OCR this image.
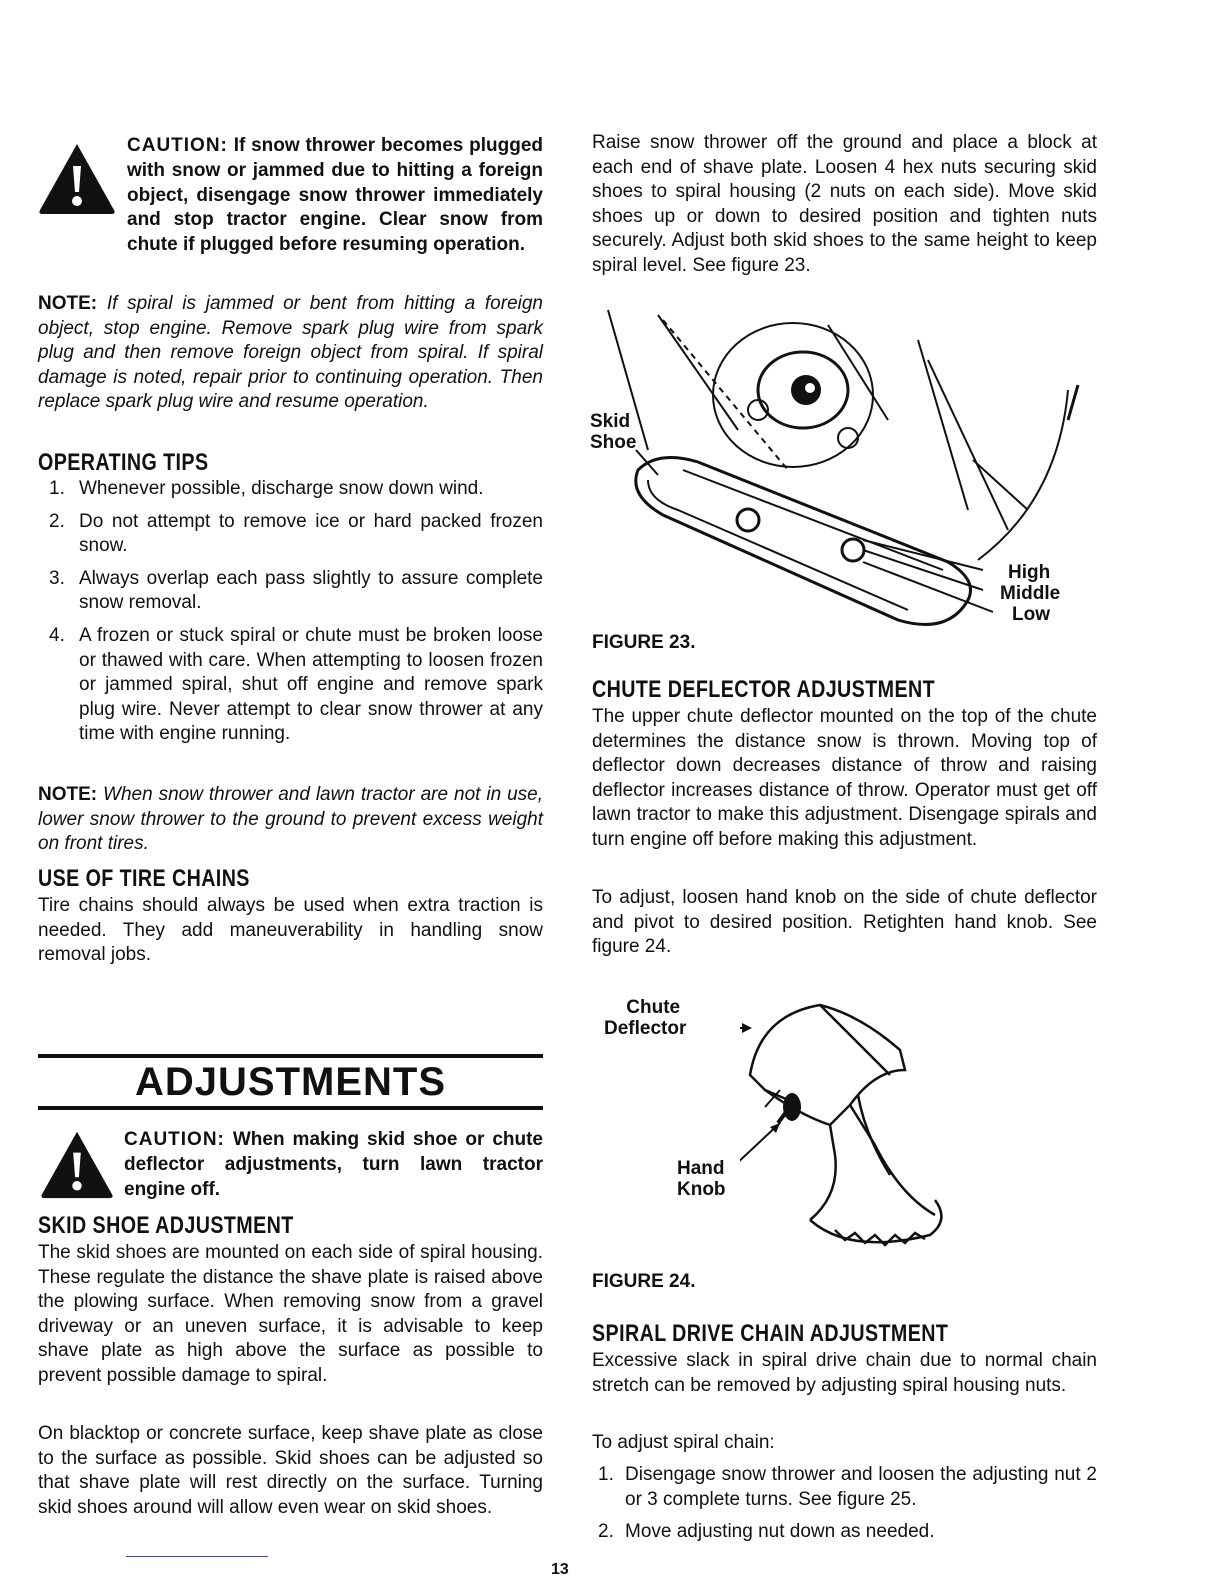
CAUTION: If snow thrower becomes plugged with snow or jammed due to hitting a foreign object, disengage snow thrower immediately and stop tractor engine. Clear snow from chute if plugged before resuming operation.

NOTE: If spiral is jammed or bent from hitting a foreign object, stop engine. Remove spark plug wire from spark plug and then remove foreign object from spiral. If spiral damage is noted, repair prior to continuing operation. Then replace spark plug wire and resume operation.

OPERATING TIPS
1. Whenever possible, discharge snow down wind.
2. Do not attempt to remove ice or hard packed frozen snow.
3. Always overlap each pass slightly to assure complete snow removal.
4. A frozen or stuck spiral or chute must be broken loose or thawed with care. When attempting to loosen frozen or jammed spiral, shut off engine and remove spark plug wire. Never attempt to clear snow thrower at any time with engine running.

NOTE: When snow thrower and lawn tractor are not in use, lower snow thrower to the ground to prevent excess weight on front tires.

USE OF TIRE CHAINS

Tire chains should always be used when extra traction is needed. They add maneuverability in handling snow removal jobs.

ADJUSTMENTS
CAUTION: When making skid shoe or chute deflector adjustments, turn lawn tractor engine off.
SKID SHOE ADJUSTMENT

The skid shoes are mounted on each side of spiral housing. These regulate the distance the shave plate is raised above the plowing surface. When removing snow from a gravel driveway or an uneven surface, it is advisable to keep shave plate as high above the surface as possible to prevent possible damage to spiral.

On blacktop or concrete surface, keep shave plate as close to the surface as possible. Skid shoes can be adjusted so that shave plate will rest directly on the surface. Turning skid shoes around will allow even wear on skid shoes.

Raise snow thrower off the ground and place a block at each end of shave plate. Loosen 4 hex nuts securing skid shoes to spiral housing (2 nuts on each side). Move skid shoes up or down to desired position and tighten nuts securely. Adjust both skid shoes to the same height to keep spiral level. See figure 23.

Skid
Shoe
High
Middle
Low
FIGURE 23.
CHUTE DEFLECTOR ADJUSTMENT

The upper chute deflector mounted on the top of the chute determines the distance snow is thrown. Moving top of deflector down decreases distance of throw and raising deflector increases distance of throw. Operator must get off lawn tractor to make this adjustment. Disengage spirals and turn engine off before making this adjustment.

To adjust, loosen hand knob on the side of chute deflector and pivot to desired position. Retighten hand knob. See figure 24.

Chute
Deflector
Hand
Knob
FIGURE 24.
SPIRAL DRIVE CHAIN ADJUSTMENT

Excessive slack in spiral drive chain due to normal chain stretch can be removed by adjusting spiral housing nuts.

To adjust spiral chain:

1. Disengage snow thrower and loosen the adjusting nut 2 or 3 complete turns. See figure 25.
2. Move adjusting nut down as needed.
13
